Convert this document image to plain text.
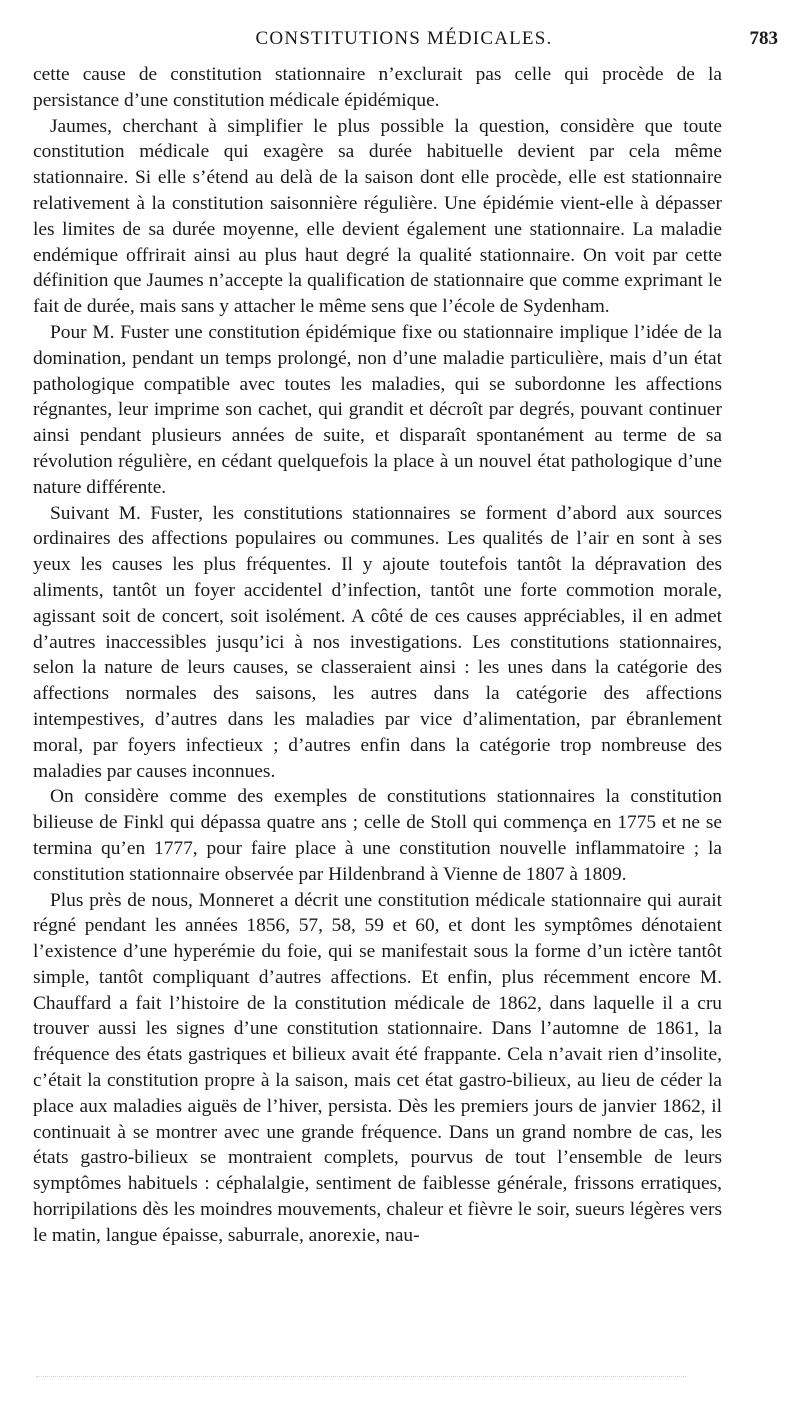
CONSTITUTIONS MÉDICALES.	783

cette cause de constitution stationnaire n’exclurait pas celle qui procède de la persistance d’une constitution médicale épidémique.

Jaumes, cherchant à simplifier le plus possible la question, considère que toute constitution médicale qui exagère sa durée habituelle devient par cela même stationnaire. Si elle s’étend au delà de la saison dont elle procède, elle est stationnaire relativement à la constitution saisonnière régulière. Une épidémie vient-elle à dépasser les limites de sa durée moyenne, elle devient également une stationnaire. La maladie endémique offrirait ainsi au plus haut degré la qualité stationnaire. On voit par cette définition que Jaumes n’accepte la qualification de stationnaire que comme exprimant le fait de durée, mais sans y attacher le même sens que l’école de Sydenham.

Pour M. Fuster une constitution épidémique fixe ou stationnaire implique l’idée de la domination, pendant un temps prolongé, non d’une maladie particulière, mais d’un état pathologique compatible avec toutes les maladies, qui se subordonne les affections régnantes, leur imprime son cachet, qui grandit et décroît par degrés, pouvant continuer ainsi pendant plusieurs années de suite, et disparaît spontanément au terme de sa révolution régulière, en cédant quelquefois la place à un nouvel état pathologique d’une nature différente.

Suivant M. Fuster, les constitutions stationnaires se forment d’abord aux sources ordinaires des affections populaires ou communes. Les qualités de l’air en sont à ses yeux les causes les plus fréquentes. Il y ajoute toutefois tantôt la dépravation des aliments, tantôt un foyer accidentel d’infection, tantôt une forte commotion morale, agissant soit de concert, soit isolément. A côté de ces causes appréciables, il en admet d’autres inaccessibles jusqu’ici à nos investigations. Les constitutions stationnaires, selon la nature de leurs causes, se classeraient ainsi : les unes dans la catégorie des affections normales des saisons, les autres dans la catégorie des affections intempestives, d’autres dans les maladies par vice d’alimentation, par ébranlement moral, par foyers infectieux ; d’autres enfin dans la catégorie trop nombreuse des maladies par causes inconnues.

On considère comme des exemples de constitutions stationnaires la constitution bilieuse de Finkl qui dépassa quatre ans ; celle de Stoll qui commença en 1775 et ne se termina qu’en 1777, pour faire place à une constitution nouvelle inflammatoire ; la constitution stationnaire observée par Hildenbrand à Vienne de 1807 à 1809.

Plus près de nous, Monneret a décrit une constitution médicale stationnaire qui aurait régné pendant les années 1856, 57, 58, 59 et 60, et dont les symptômes dénotaient l’existence d’une hyperémie du foie, qui se manifestait sous la forme d’un ictère tantôt simple, tantôt compliquant d’autres affections. Et enfin, plus récemment encore M. Chauffard a fait l’histoire de la constitution médicale de 1862, dans laquelle il a cru trouver aussi les signes d’une constitution stationnaire. Dans l’automne de 1861, la fréquence des états gastriques et bilieux avait été frappante. Cela n’avait rien d’insolite, c’était la constitution propre à la saison, mais cet état gastro-bilieux, au lieu de céder la place aux maladies aiguës de l’hiver, persista. Dès les premiers jours de janvier 1862, il continuait à se montrer avec une grande fréquence. Dans un grand nombre de cas, les états gastro-bilieux se montraient complets, pourvus de tout l’ensemble de leurs symptômes habituels : céphalalgie, sentiment de faiblesse générale, frissons erratiques, horripilations dès les moindres mouvements, chaleur et fièvre le soir, sueurs légères vers le matin, langue épaisse, saburrale, anorexie, nau-
